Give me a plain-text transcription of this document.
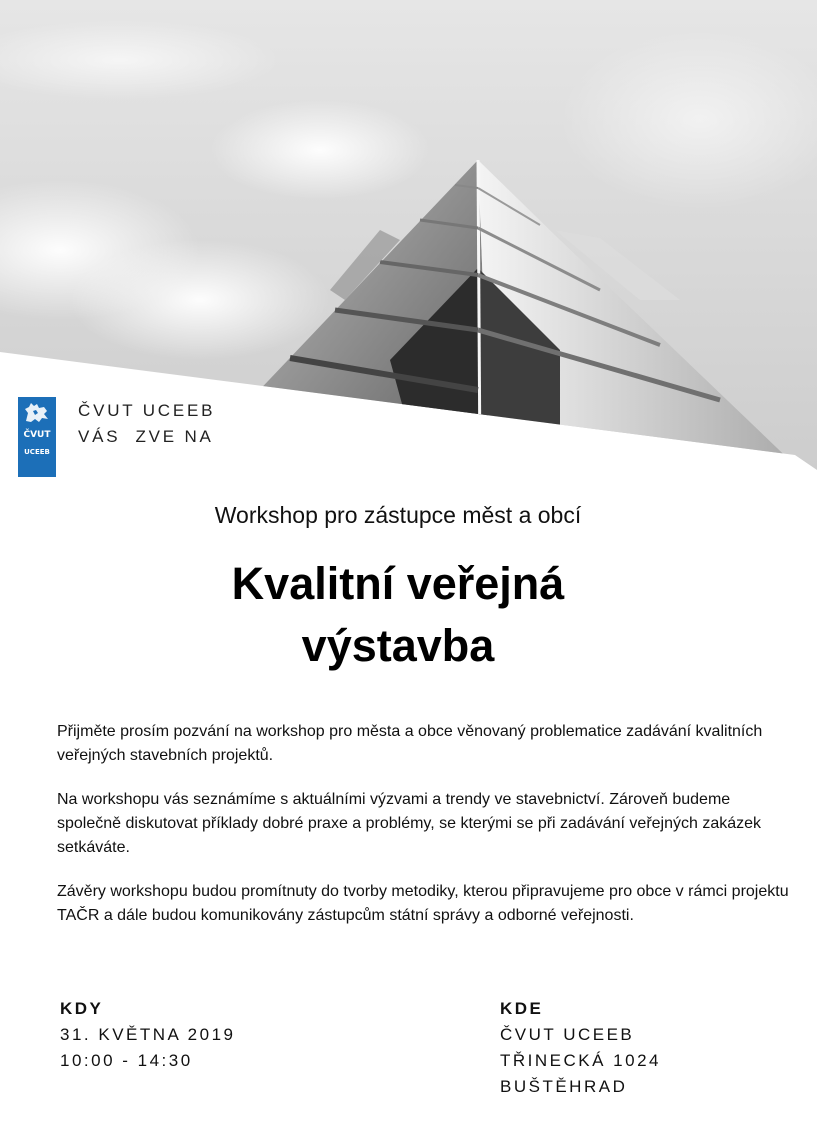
ČVUT
UCEEB
ČVUT UCEEB
VÁS  ZVE NA
Workshop pro zástupce měst a obcí
Kvalitní veřejná
výstavba

Přijměte prosím pozvání na workshop pro města a obce věnovaný problematice zadávání kvalitních veřejných stavebních projektů.

Na workshopu vás seznámíme s aktuálními výzvami a trendy ve stavebnictví. Zároveň budeme společně diskutovat příklady dobré praxe a problémy, se kterými se při zadávání veřejných zakázek setkáváte.

Závěry workshopu budou promítnuty do tvorby metodiky, kterou připravujeme pro obce v rámci projektu TAČR a dále budou komunikovány zástupcům státní správy a odborné veřejnosti.

KDY
31. KVĚTNA 2019
10:00 - 14:30
KDE
ČVUT UCEEB
TŘINECKÁ 1024
BUŠTĚHRAD
